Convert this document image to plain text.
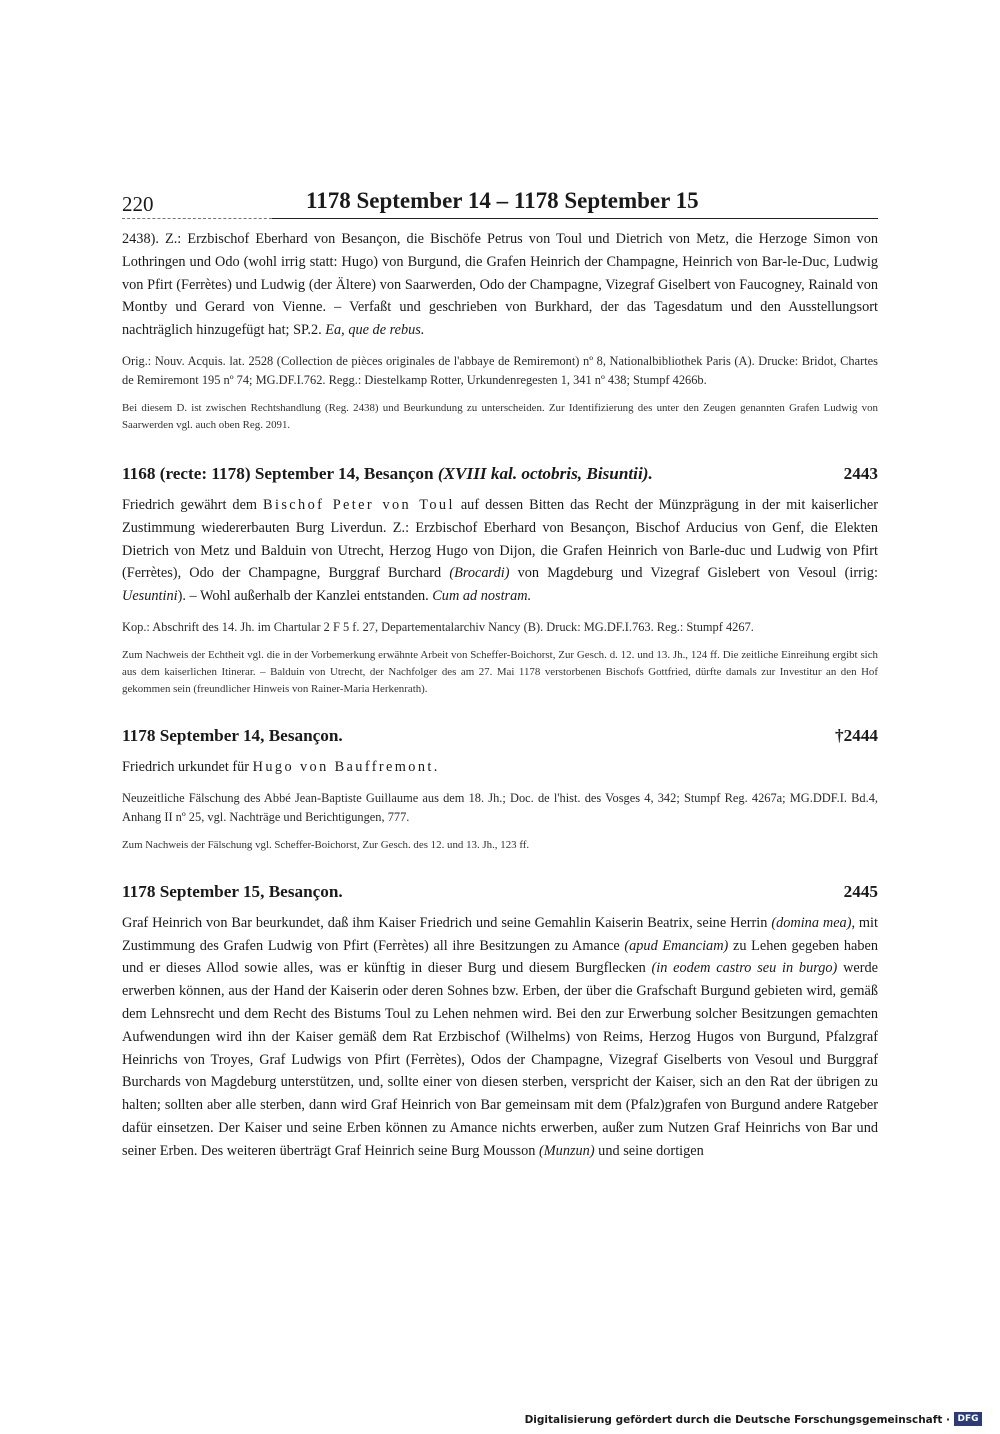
220	1178 September 14 – 1178 September 15

2438). Z.: Erzbischof Eberhard von Besançon, die Bischöfe Petrus von Toul und Dietrich von Metz, die Herzoge Simon von Lothringen und Odo (wohl irrig statt: Hugo) von Burgund, die Grafen Heinrich der Champagne, Heinrich von Bar-le-Duc, Ludwig von Pfirt (Ferrètes) und Ludwig (der Ältere) von Saarwerden, Odo der Champagne, Vizegraf Giselbert von Faucogney, Rainald von Montby und Gerard von Vienne. – Verfaßt und geschrieben von Burkhard, der das Tagesdatum und den Ausstellungsort nachträglich hinzugefügt hat; SP.2. Ea, que de rebus.

Orig.: Nouv. Acquis. lat. 2528 (Collection de pièces originales de l'abbaye de Remiremont) nº 8, Nationalbibliothek Paris (A). Drucke: Bridot, Chartes de Remiremont 195 nº 74; MG.DF.I.762. Regg.: Diestelkamp Rotter, Urkundenregesten 1, 341 nº 438; Stumpf 4266b.

Bei diesem D. ist zwischen Rechtshandlung (Reg. 2438) und Beurkundung zu unterscheiden. Zur Identifizierung des unter den Zeugen genannten Grafen Ludwig von Saarwerden vgl. auch oben Reg. 2091.

1168 (recte: 1178) September 14, Besançon (XVIII kal. octobris, Bisuntii).	2443

Friedrich gewährt dem Bischof Peter von Toul auf dessen Bitten das Recht der Münzprägung in der mit kaiserlicher Zustimmung wiedererbauten Burg Liverdun. Z.: Erzbischof Eberhard von Besançon, Bischof Arducius von Genf, die Elekten Dietrich von Metz und Balduin von Utrecht, Herzog Hugo von Dijon, die Grafen Heinrich von Barle-duc und Ludwig von Pfirt (Ferrètes), Odo der Champagne, Burggraf Burchard (Brocardi) von Magdeburg und Vizegraf Gislebert von Vesoul (irrig: Uesuntini). – Wohl außerhalb der Kanzlei entstanden. Cum ad nostram.

Kop.: Abschrift des 14. Jh. im Chartular 2 F 5 f. 27, Departementalarchiv Nancy (B). Druck: MG.DF.I.763. Reg.: Stumpf 4267.

Zum Nachweis der Echtheit vgl. die in der Vorbemerkung erwähnte Arbeit von Scheffer-Boichorst, Zur Gesch. d. 12. und 13. Jh., 124 ff. Die zeitliche Einreihung ergibt sich aus dem kaiserlichen Itinerar. – Balduin von Utrecht, der Nachfolger des am 27. Mai 1178 verstorbenen Bischofs Gottfried, dürfte damals zur Investitur an den Hof gekommen sein (freundlicher Hinweis von Rainer-Maria Herkenrath).

1178 September 14, Besançon.	†2444

Friedrich urkundet für Hugo von Bauffremont.

Neuzeitliche Fälschung des Abbé Jean-Baptiste Guillaume aus dem 18. Jh.; Doc. de l'hist. des Vosges 4, 342; Stumpf Reg. 4267a; MG.DDF.I. Bd.4, Anhang II nº 25, vgl. Nachträge und Berichtigungen, 777.

Zum Nachweis der Fälschung vgl. Scheffer-Boichorst, Zur Gesch. des 12. und 13. Jh., 123 ff.

1178 September 15, Besançon.	2445

Graf Heinrich von Bar beurkundet, daß ihm Kaiser Friedrich und seine Gemahlin Kaiserin Beatrix, seine Herrin (domina mea), mit Zustimmung des Grafen Ludwig von Pfirt (Ferrètes) all ihre Besitzungen zu Amance (apud Emanciam) zu Lehen gegeben haben und er dieses Allod sowie alles, was er künftig in dieser Burg und diesem Burgflecken (in eodem castro seu in burgo) werde erwerben können, aus der Hand der Kaiserin oder deren Sohnes bzw. Erben, der über die Grafschaft Burgund gebieten wird, gemäß dem Lehnsrecht und dem Recht des Bistums Toul zu Lehen nehmen wird. Bei den zur Erwerbung solcher Besitzungen gemachten Aufwendungen wird ihn der Kaiser gemäß dem Rat Erzbischof (Wilhelms) von Reims, Herzog Hugos von Burgund, Pfalzgraf Heinrichs von Troyes, Graf Ludwigs von Pfirt (Ferrètes), Odos der Champagne, Vizegraf Giselberts von Vesoul und Burggraf Burchards von Magdeburg unterstützen, und, sollte einer von diesen sterben, verspricht der Kaiser, sich an den Rat der übrigen zu halten; sollten aber alle sterben, dann wird Graf Heinrich von Bar gemeinsam mit dem (Pfalz)grafen von Burgund andere Ratgeber dafür einsetzen. Der Kaiser und seine Erben können zu Amance nichts erwerben, außer zum Nutzen Graf Heinrichs von Bar und seiner Erben. Des weiteren überträgt Graf Heinrich seine Burg Mousson (Munzun) und seine dortigen

Digitalisierung gefördert durch die Deutsche Forschungsgemeinschaft · DFG
